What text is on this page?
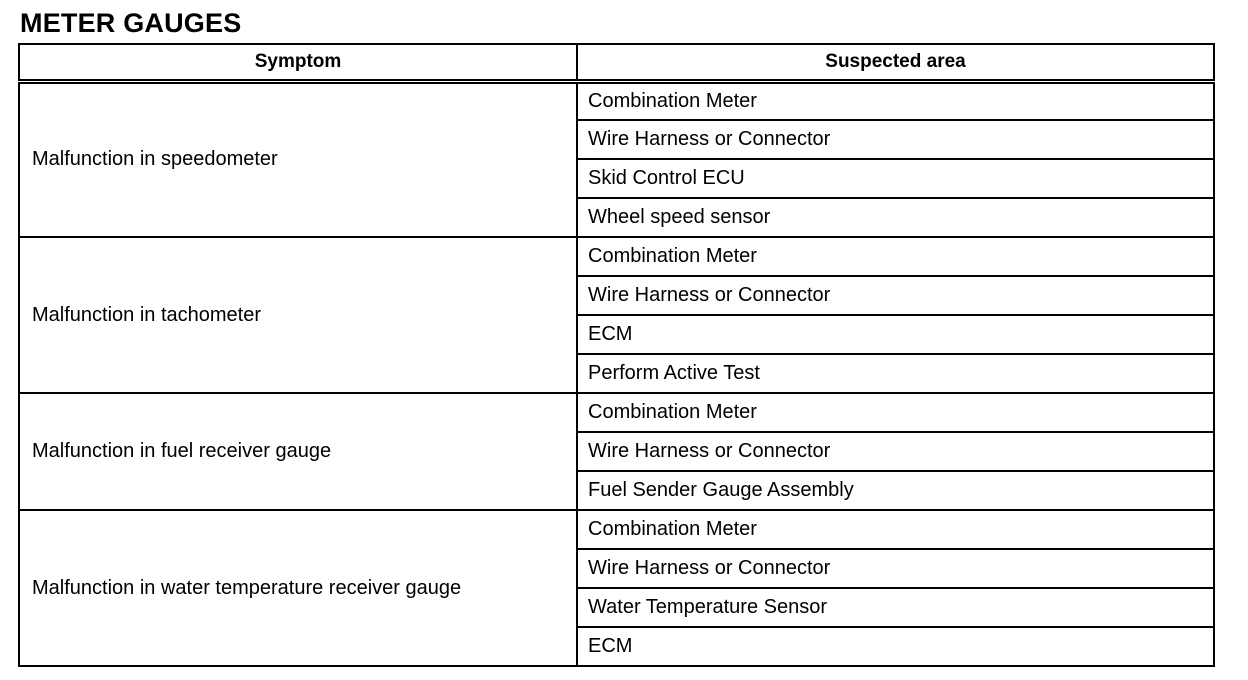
METER GAUGES
Symptom	Suspected area
Malfunction in speedometer	Combination Meter
	Wire Harness or Connector
	Skid Control ECU
	Wheel speed sensor
Malfunction in tachometer	Combination Meter
	Wire Harness or Connector
	ECM
	Perform Active Test
Malfunction in fuel receiver gauge	Combination Meter
	Wire Harness or Connector
	Fuel Sender Gauge Assembly
Malfunction in water temperature receiver gauge	Combination Meter
	Wire Harness or Connector
	Water Temperature Sensor
	ECM
